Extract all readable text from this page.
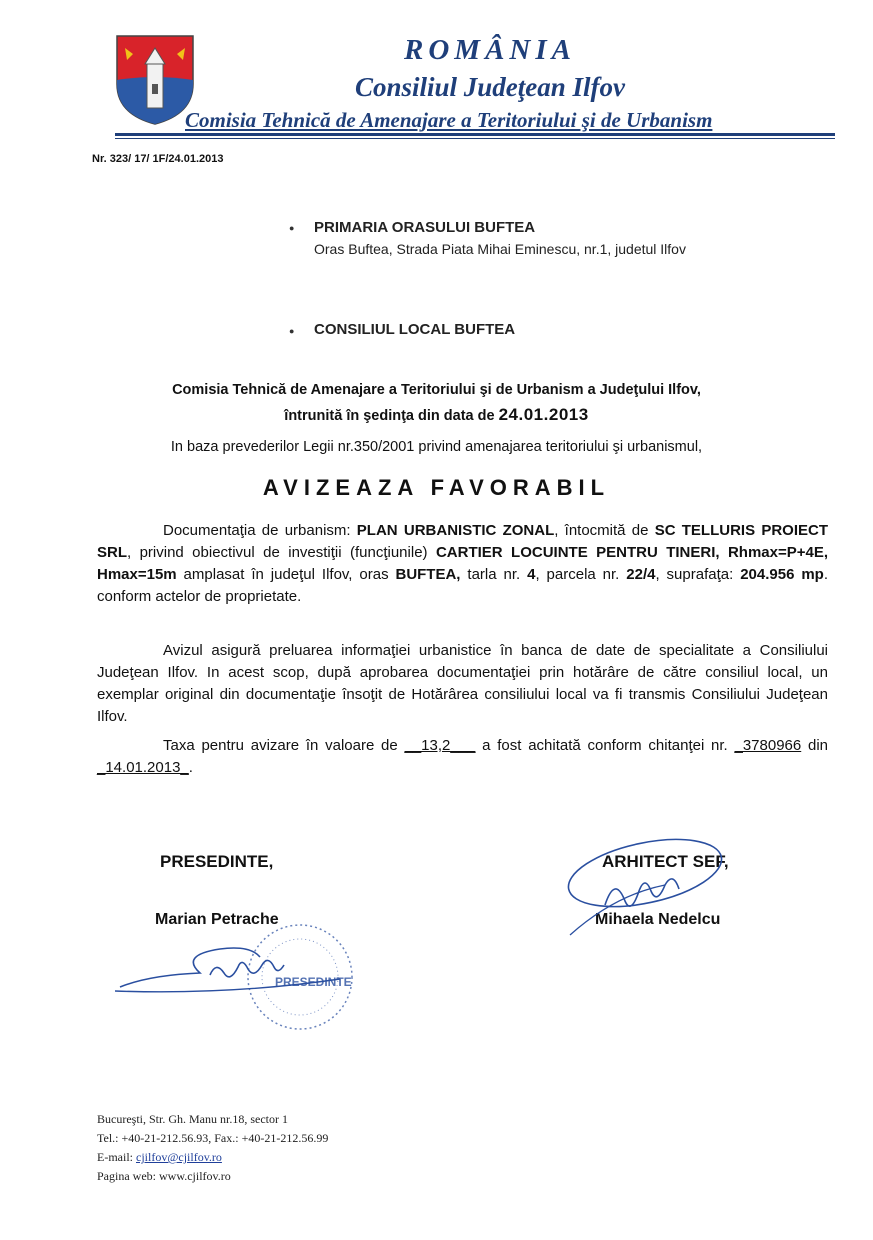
ROMÂNIA
Consiliul Judeţean Ilfov
Comisia Tehnică de Amenajare a Teritoriului şi de Urbanism
Nr. 323/ 17/ 1F/24.01.2013
● PRIMARIA ORASULUI BUFTEA
Oras Buftea, Strada Piata Mihai Eminescu, nr.1, judetul Ilfov
● CONSILIUL LOCAL BUFTEA
Comisia Tehnică de Amenajare a Teritoriului şi de Urbanism a Judeţului Ilfov,
întrunită în şedinţa din data de 24.01.2013
In baza prevederilor Legii nr.350/2001 privind amenajarea teritoriului şi urbanismul,
AVIZEAZA FAVORABIL
Documentaţia de urbanism: PLAN URBANISTIC ZONAL, întocmită de SC TELLURIS PROIECT SRL, privind obiectivul de investiţii (funcţiunile) CARTIER LOCUINTE PENTRU TINERI, Rhmax=P+4E, Hmax=15m amplasat în judeţul Ilfov, oras BUFTEA, tarla nr. 4, parcela nr. 22/4, suprafaţa: 204.956 mp. conform actelor de proprietate.
Avizul asigură preluarea informaţiei urbanistice în banca de date de specialitate a Consiliului Judeţean Ilfov. In acest scop, după aprobarea documentaţiei prin hotărâre de către consiliul local, un exemplar original din documentaţie însoţit de Hotărârea consiliului local va fi transmis Consiliului Judeţean Ilfov.
Taxa pentru avizare în valoare de __13,2___ a fost achitată conform chitanţei nr. _3780966 din _14.01.2013_.
PRESEDINTE,
Marian Petrache
ARHITECT SEF,
Mihaela Nedelcu
PRESEDINTE
Bucureşti, Str. Gh. Manu nr.18, sector 1
Tel.: +40-21-212.56.93, Fax.: +40-21-212.56.99
E-mail: cjilfov@cjilfov.ro
Pagina web: www.cjilfov.ro
